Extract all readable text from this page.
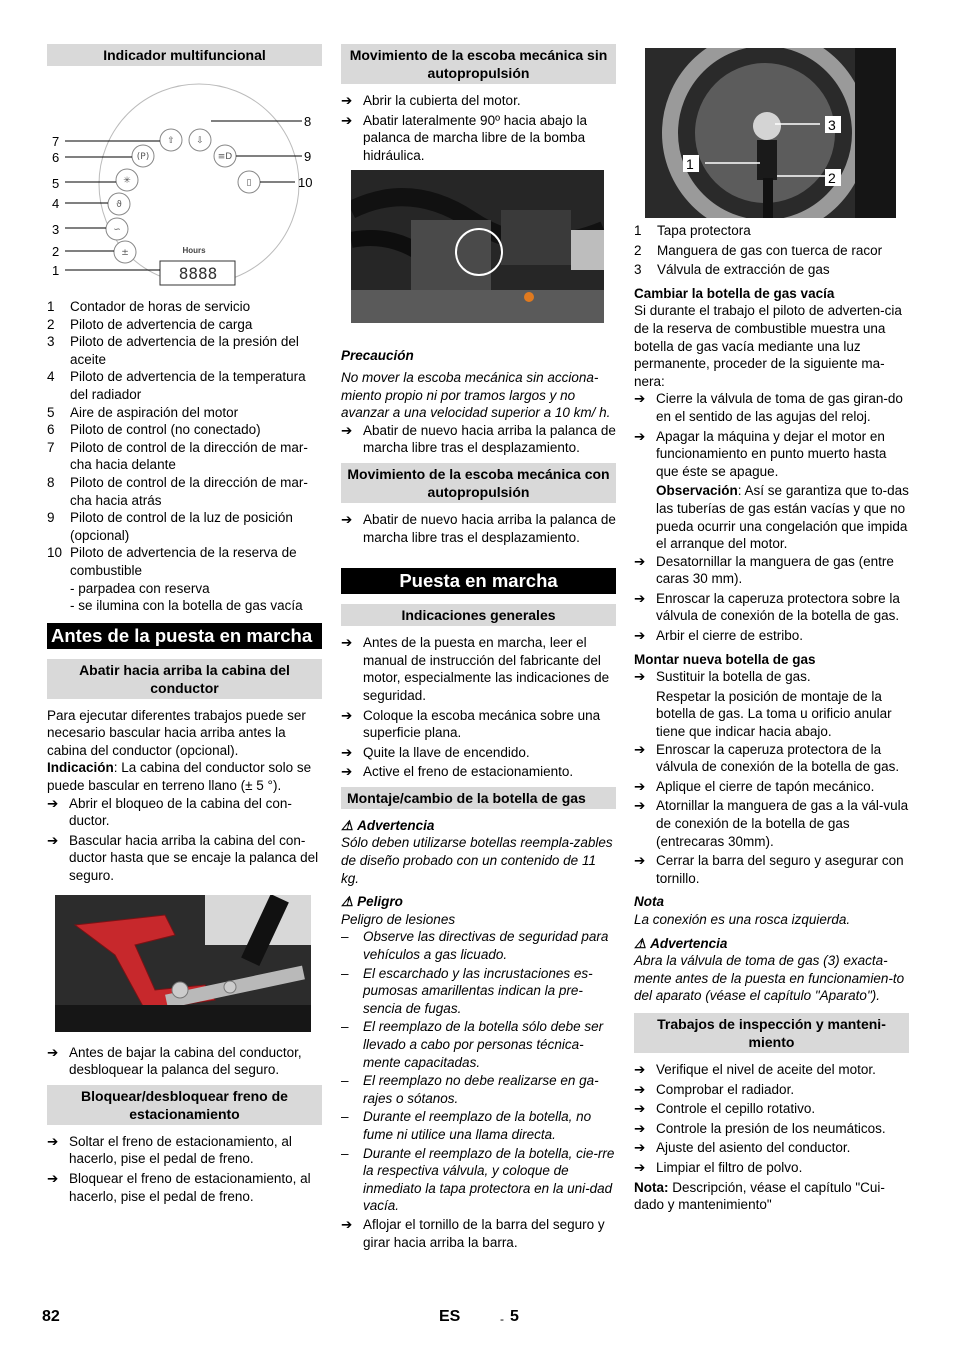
Indicador multifuncional
⇧ ⇩
(P)	≡D
✳	▯
ϑ
∽
±	Hours
8888
7
6
5
4
3
2
1
8
9
10
1	Contador de horas de servicio
2	Piloto de advertencia de carga
3	Piloto de advertencia de la presión del aceite
4	Piloto de advertencia de la temperatura del radiador
5	Aire de aspiración del motor
6	Piloto de control (no conectado)
7	Piloto de control de la dirección de mar-cha hacia delante
8	Piloto de control de la dirección de mar-cha hacia atrás
9	Piloto de control de la luz de posición (opcional)
10 Piloto de advertencia de la reserva de combustible
- parpadea con reserva
- se ilumina con la botella de gas vacía
Antes de la puesta en marcha
Abatir hacia arriba la cabina del conductor

Para ejecutar diferentes trabajos puede ser necesario bascular hacia arriba antes la cabina del conductor (opcional).

Indicación: La cabina del conductor solo se puede bascular en terreno llano (± 5 °).

➔ Abrir el bloqueo de la cabina del con-ductor.
➔ Bascular hacia arriba la cabina del con-ductor hasta que se encaje la palanca del seguro.
➔ Antes de bajar la cabina del conductor, desbloquear la palanca del seguro.
Bloquear/desbloquear freno de estacionamiento
➔ Soltar el freno de estacionamiento, al hacerlo, pise el pedal de freno.
➔ Bloquear el freno de estacionamiento, al hacerlo, pise el pedal de freno.
Movimiento de la escoba mecánica sin autopropulsión
➔ Abrir la cubierta del motor.
➔ Abatir lateralmente 90º hacia abajo la palanca de marcha libre de la bomba hidráulica.
Precaución

No mover la escoba mecánica sin acciona-miento propio ni por tramos largos y no avanzar a una velocidad superior a 10 km/ h.

➔ Abatir de nuevo hacia arriba la palanca de marcha libre tras el desplazamiento.
Movimiento de la escoba mecánica con autopropulsión
➔ Abatir de nuevo hacia arriba la palanca de marcha libre tras el desplazamiento.
Puesta en marcha
Indicaciones generales
➔ Antes de la puesta en marcha, leer el manual de instrucción del fabricante del motor, especialmente las indicaciones de seguridad.
➔ Coloque la escoba mecánica sobre una superficie plana.
➔ Quite la llave de encendido.
➔ Active el freno de estacionamiento.
Montaje/cambio de la botella de gas
⚠ Advertencia

Sólo deben utilizarse botellas reempla-zables de diseño probado con un contenido de 11 kg.

⚠ Peligro

Peligro de lesiones

–	Observe las directivas de seguridad para vehículos a gas licuado.
–	El escarchado y las incrustaciones es-pumosas amarillentas indican la pre-sencia de fugas.
–	El reemplazo de la botella sólo debe ser llevado a cabo por personas técnica-mente capacitadas.
–	El reemplazo no debe realizarse en ga-rajes o sótanos.
–	Durante el reemplazo de la botella, no fume ni utilice una llama directa.
–	Durante el reemplazo de la botella, cie-rre la respectiva válvula, y coloque de inmediato la tapa protectora en la uni-dad vacía.
➔ Aflojar el tornillo de la barra del seguro y girar hacia arriba la barra.
1
2
3
1	Tapa protectora
2	Manguera de gas con tuerca de racor
3	Válvula de extracción de gas
Cambiar la botella de gas vacía

Si durante el trabajo el piloto de adverten-cia de la reserva de combustible muestra una botella de gas vacía mediante una luz permanente, proceder de la siguiente ma-nera:

➔ Cierre la válvula de toma de gas giran-do en el sentido de las agujas del reloj.
➔ Apagar la máquina y dejar el motor en funcionamiento en punto muerto hasta que éste se apague.

Observación: Así se garantiza que to-das las tuberías de gas están vacías y que no pueda ocurrir una congelación que impida el arranque del motor.

➔ Desatornillar la manguera de gas (entre caras 30 mm).
➔ Enroscar la caperuza protectora sobre la válvula de conexión de la botella de gas.
➔ Arbir el cierre de estribo.
Montar nueva botella de gas
➔ Sustituir la botella de gas.

Respetar la posición de montaje de la botella de gas. La toma u orificio anular tiene que indicar hacia abajo.

➔ Enroscar la caperuza protectora de la válvula de conexión de la botella de gas.
➔ Aplique el cierre de tapón mecánico.
➔ Atornillar la manguera de gas a la vál-vula de conexión de la botella de gas (entrecaras 30mm).
➔ Cerrar la barra del seguro y asegurar con tornillo.
Nota

La conexión es una rosca izquierda.

⚠ Advertencia

Abra la válvula de toma de gas (3) exacta-mente antes de la puesta en funcionamien-to del aparato (véase el capítulo "Aparato").

Trabajos de inspección y manteni-miento
➔ Verifique el nivel de aceite del motor.
➔ Comprobar el radiador.
➔ Controle el cepillo rotativo.
➔ Controle la presión de los neumáticos.
➔ Ajuste del asiento del conductor.
➔ Limpiar el filtro de polvo.

Nota: Descripción, véase el capítulo "Cui-dado y mantenimiento"

82	ES	- 5
